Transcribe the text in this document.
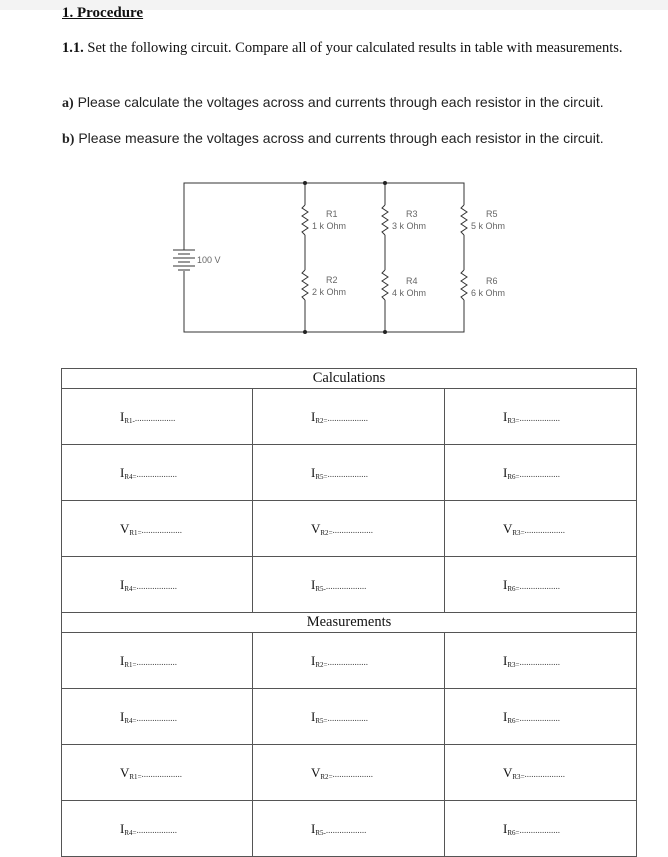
1. Procedure
1.1. Set the following circuit. Compare all of your calculated results in table with measurements.
a) Please calculate the voltages across and currents through each resistor in the circuit.
b) Please measure the voltages across and currents through each resistor in the circuit.
100 V
R1
1 k Ohm
R3
3 k Ohm
R5
5 k Ohm
R2
2 k Ohm
R4
4 k Ohm
R6
6 k Ohm
Calculations		
$I_{R1-}$..................	$I_{R2=}$..................	$I_{R3=}$..................
$I_{R4=}$..................	$I_{R5=}$..................	$I_{R6=}$..................
$V_{R1=}$..................	$V_{R2=}$..................	$V_{R3=}$..................
$I_{R4=}$..................	$I_{R5-}$..................	$I_{R6=}$..................
Measurements		
$I_{R1=}$..................	$I_{R2=}$..................	$I_{R3=}$..................
$I_{R4=}$..................	$I_{R5=}$..................	$I_{R6=}$..................
$V_{R1=}$..................	$V_{R2=}$..................	$V_{R3=}$..................
$I_{R4=}$..................	$I_{R5-}$..................	$I_{R6=}$..................
